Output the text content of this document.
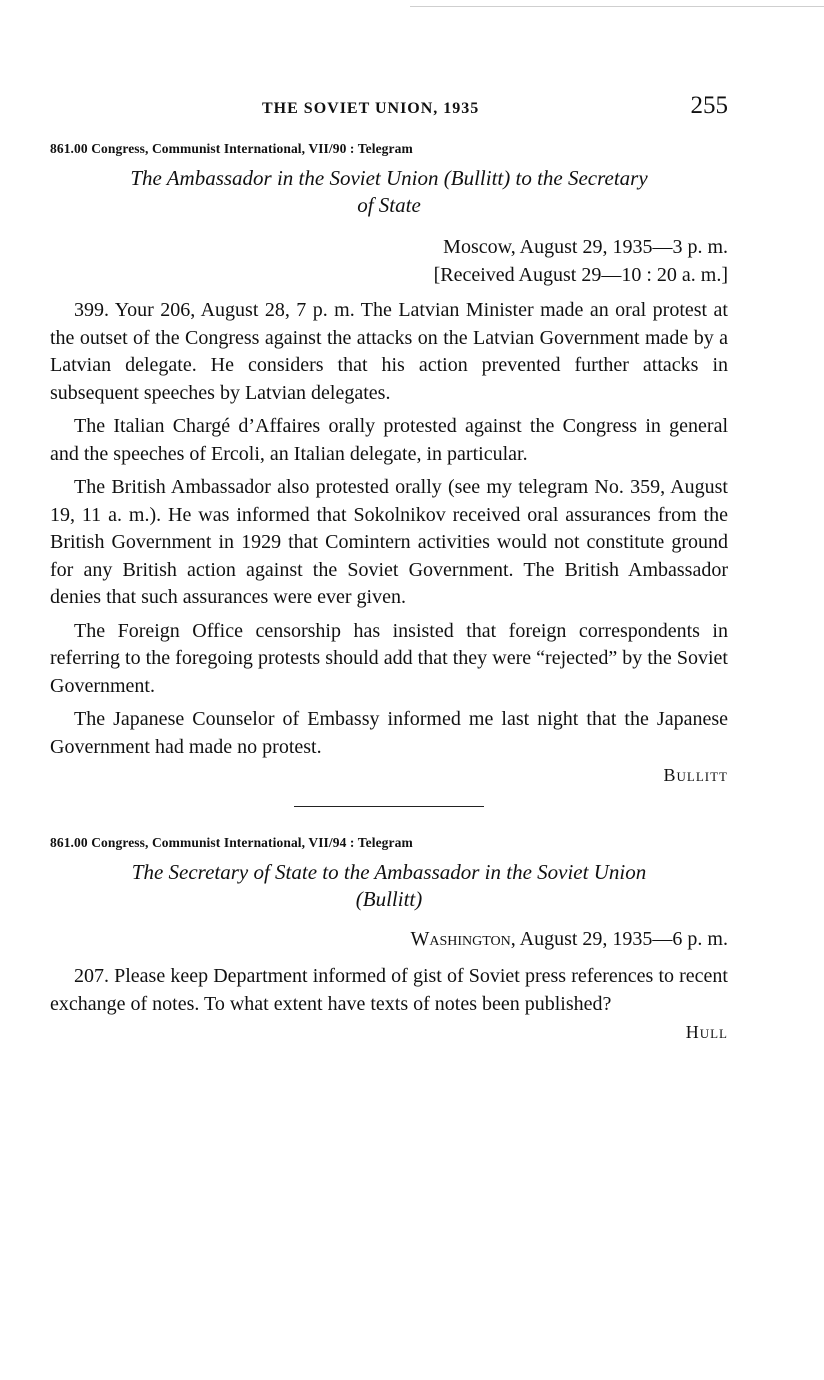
THE SOVIET UNION, 1935	255
861.00 Congress, Communist International, VII/90 : Telegram
The Ambassador in the Soviet Union (Bullitt) to the Secretary
of State
Moscow, August 29, 1935—3 p. m.
[Received August 29—10 : 20 a. m.]

399. Your 206, August 28, 7 p. m. The Latvian Minister made an oral protest at the outset of the Congress against the attacks on the Latvian Government made by a Latvian delegate. He considers that his action prevented further attacks in subsequent speeches by Latvian delegates.

The Italian Chargé d’Affaires orally protested against the Congress in general and the speeches of Ercoli, an Italian delegate, in particular.

The British Ambassador also protested orally (see my telegram No. 359, August 19, 11 a. m.). He was informed that Sokolnikov received oral assurances from the British Government in 1929 that Comintern activities would not constitute ground for any British action against the Soviet Government. The British Ambassador denies that such assurances were ever given.

The Foreign Office censorship has insisted that foreign correspondents in referring to the foregoing protests should add that they were “rejected” by the Soviet Government.

The Japanese Counselor of Embassy informed me last night that the Japanese Government had made no protest.

Bullitt
861.00 Congress, Communist International, VII/94 : Telegram
The Secretary of State to the Ambassador in the Soviet Union
(Bullitt)
Washington, August 29, 1935—6 p. m.

207. Please keep Department informed of gist of Soviet press references to recent exchange of notes. To what extent have texts of notes been published?

Hull
